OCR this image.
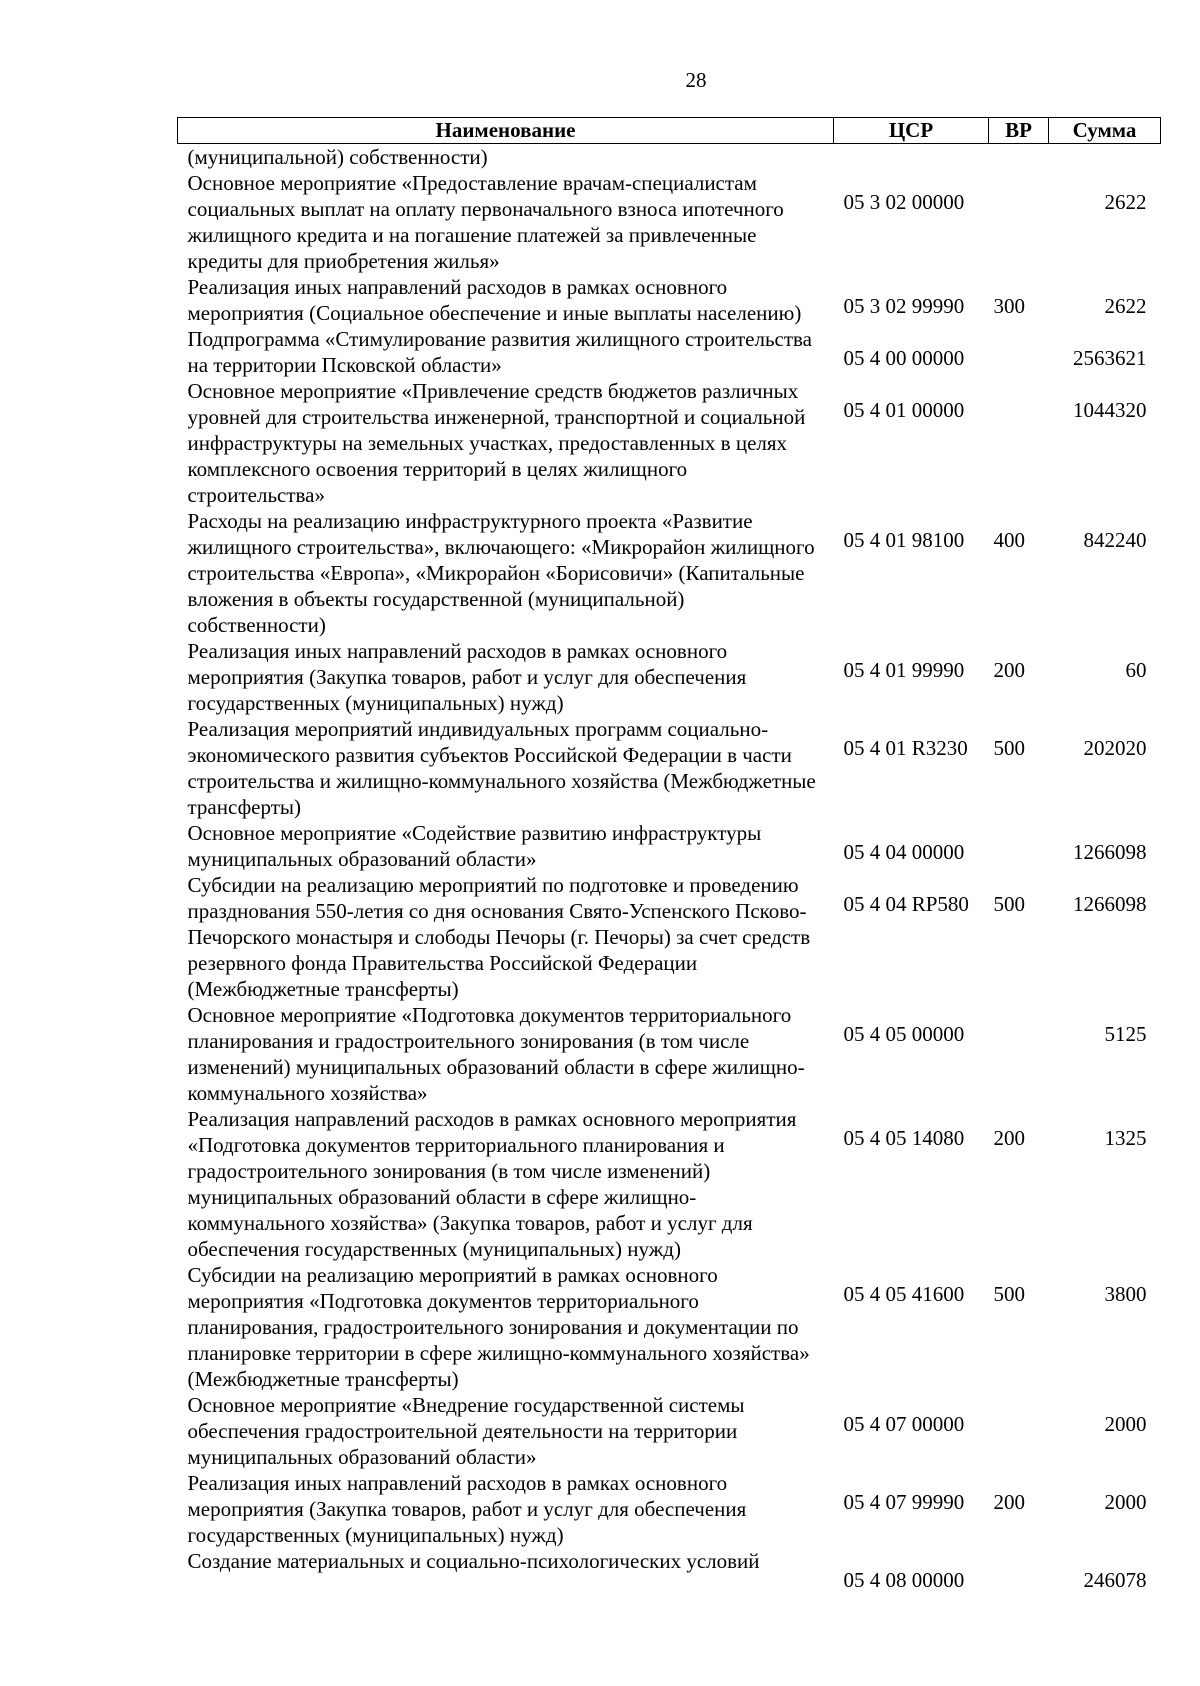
28
Наименование	ЦСР	ВР	Сумма
(муниципальной) собственности)			
Основное мероприятие «Предоставление врачам-специалистам социальных выплат на оплату первоначального взноса ипотечного жилищного кредита и на погашение платежей за привлеченные кредиты для приобретения жилья»	05 3 02 00000		2622
Реализация иных направлений расходов в рамках основного мероприятия (Социальное обеспечение и иные выплаты населению)	05 3 02 99990	300	2622
Подпрограмма «Стимулирование развития жилищного строительства на территории Псковской области»	05 4 00 00000		2563621
Основное мероприятие «Привлечение средств бюджетов различных уровней для строительства инженерной, транспортной и социальной инфраструктуры на земельных участках, предоставленных в целях комплексного освоения территорий в целях жилищного строительства»	05 4 01 00000		1044320
Расходы на реализацию инфраструктурного проекта «Развитие жилищного строительства», включающего: «Микрорайон жилищного строительства «Европа», «Микрорайон «Борисовичи» (Капитальные вложения в объекты государственной (муниципальной) собственности)	05 4 01 98100	400	842240
Реализация иных направлений расходов в рамках основного мероприятия (Закупка товаров, работ и услуг для обеспечения государственных (муниципальных) нужд)	05 4 01 99990	200	60
Реализация мероприятий индивидуальных программ социально-экономического развития субъектов Российской Федерации в части строительства и жилищно-коммунального хозяйства (Межбюджетные трансферты)	05 4 01 R3230	500	202020
Основное мероприятие «Содействие развитию инфраструктуры муниципальных образований области»	05 4 04 00000		1266098
Субсидии на реализацию мероприятий по подготовке и проведению празднования 550-летия со дня основания Свято-Успенского Псково-Печорского монастыря и слободы Печоры (г. Печоры) за счет средств резервного фонда Правительства Российской Федерации (Межбюджетные трансферты)	05 4 04 RP580	500	1266098
Основное мероприятие «Подготовка документов территориального планирования и градостроительного зонирования (в том числе изменений) муниципальных образований области в сфере жилищно-коммунального хозяйства»	05 4 05 00000		5125
Реализация направлений расходов в рамках основного мероприятия «Подготовка документов территориального планирования и градостроительного зонирования (в том числе изменений) муниципальных образований области в сфере жилищно-коммунального хозяйства» (Закупка товаров, работ и услуг для обеспечения государственных (муниципальных) нужд)	05 4 05 14080	200	1325
Субсидии на реализацию мероприятий в рамках основного мероприятия «Подготовка документов территориального планирования, градостроительного зонирования и документации по планировке территории в сфере жилищно-коммунального хозяйства» (Межбюджетные трансферты)	05 4 05 41600	500	3800
Основное мероприятие «Внедрение государственной системы обеспечения градостроительной деятельности на территории муниципальных образований области»	05 4 07 00000		2000
Реализация иных направлений расходов в рамках основного мероприятия (Закупка товаров, работ и услуг для обеспечения государственных (муниципальных) нужд)	05 4 07 99990	200	2000
Создание материальных и социально-психологических условий	05 4 08 00000		246078
